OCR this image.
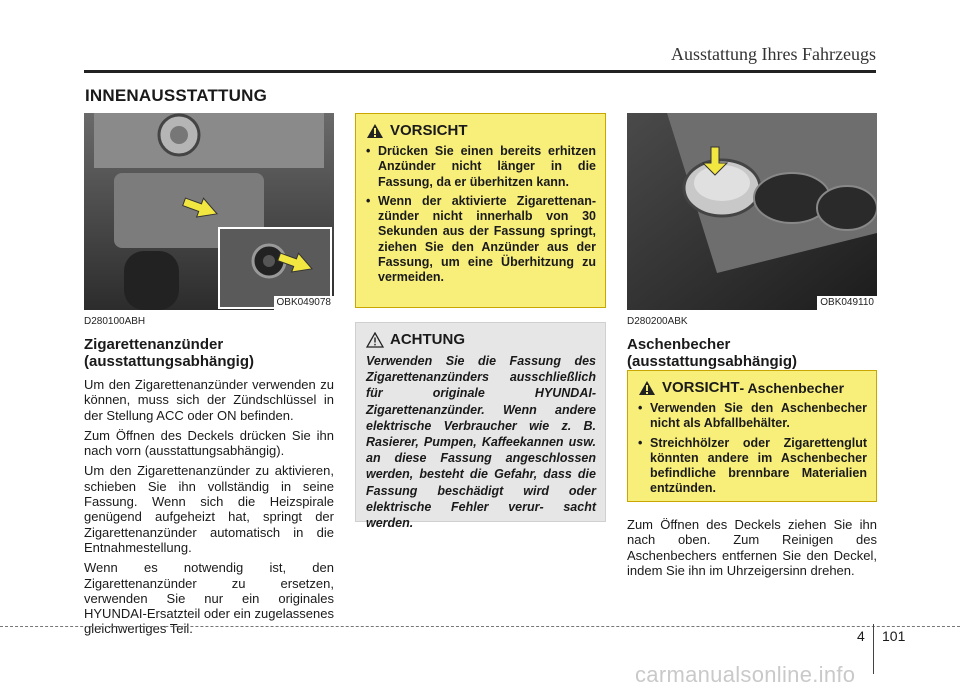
Ausstattung Ihres Fahrzeugs
INNENAUSSTATTUNG
OBK049078
D280100ABH
Zigarettenanzünder (ausstattungsabhängig)

Um den Zigarettenanzünder verwenden zu können, muss sich der Zündschlüssel in der Stellung ACC oder ON befinden.

Zum Öffnen des Deckels drücken Sie ihn nach vorn (ausstattungsabhängig).

Um den Zigarettenanzünder zu aktivieren, schieben Sie ihn vollständig in seine Fassung. Wenn sich die Heizspirale genügend aufgeheizt hat, springt der Zigarettenanzünder automatisch in die Entnahmestellung.

Wenn es notwendig ist, den Zigarettenanzünder zu ersetzen, verwenden Sie nur ein originales HYUNDAI-Ersatzteil oder ein zugelassenes gleichwertiges Teil.

VORSICHT
• Drücken Sie einen bereits erhitzen Anzünder nicht länger in die Fassung, da er überhitzen kann.
• Wenn der aktivierte Zigarettenan- zünder nicht innerhalb von 30 Sekunden aus der Fassung springt, ziehen Sie den Anzünder aus der Fassung, um eine Überhitzung zu vermeiden.
ACHTUNG
Verwenden Sie die Fassung des Zigarettenanzünders ausschließlich für originale HYUNDAI-Zigarettenanzünder. Wenn andere elektrische Verbraucher wie z. B. Rasierer, Pumpen, Kaffeekannen usw. an diese Fassung angeschlossen werden, besteht die Gefahr, dass die Fassung beschädigt wird oder elektrische Fehler verur- sacht werden.
OBK049110
D280200ABK
Aschenbecher (ausstattungsabhängig)
VORSICHT - Aschenbecher
• Verwenden Sie den Aschenbecher nicht als Abfallbehälter.
• Streichhölzer oder Zigarettenglut könnten andere im Aschenbecher befindliche brennbare Materialien entzünden.

Zum Öffnen des Deckels ziehen Sie ihn nach oben. Zum Reinigen des Aschenbechers entfernen Sie den Deckel, indem Sie ihn im Uhrzeigersinn drehen.

4 101
carmanualsonline.info
